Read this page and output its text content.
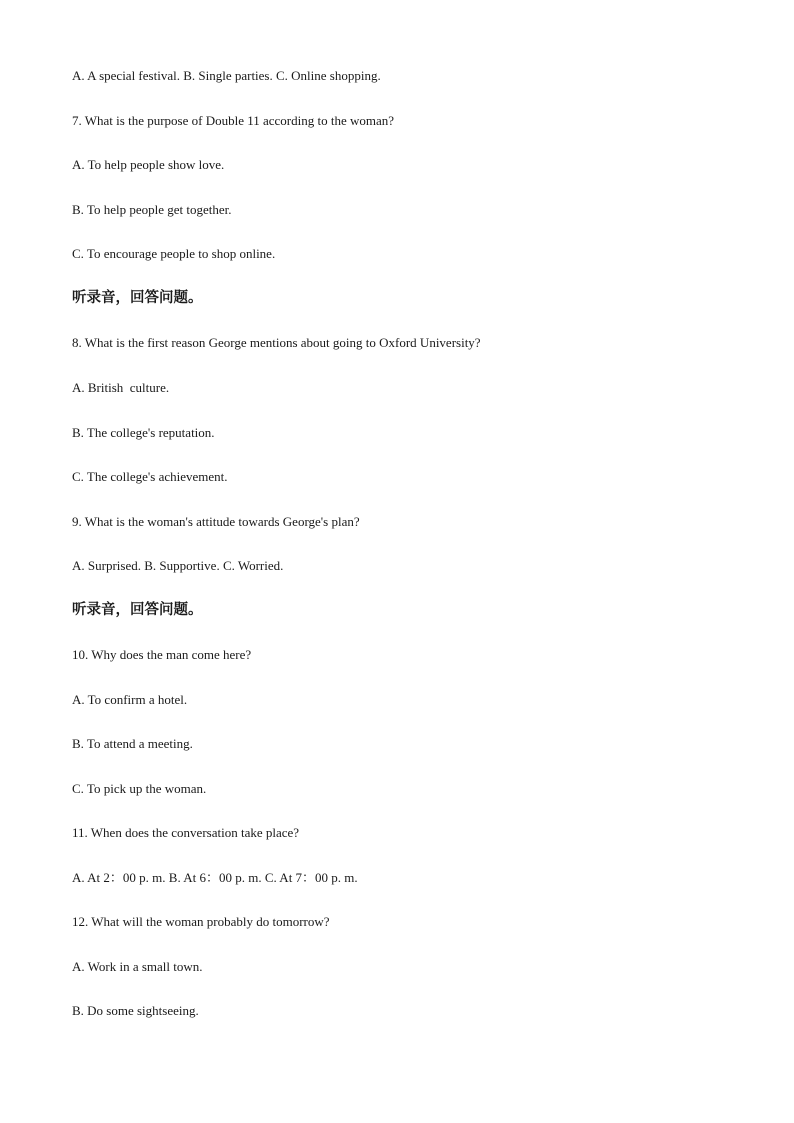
A. A special festival. B. Single parties. C. Online shopping.
7. What is the purpose of Double 11 according to the woman?
A. To help people show love.
B. To help people get together.
C. To encourage people to shop online.
听录音，回答问题。
8. What is the first reason George mentions about going to Oxford University?
A. British  culture.
B. The college's reputation.
C. The college's achievement.
9. What is the woman's attitude towards George's plan?
A. Surprised. B. Supportive. C. Worried.
听录音，回答问题。
10. Why does the man come here?
A. To confirm a hotel.
B. To attend a meeting.
C. To pick up the woman.
11. When does the conversation take place?
A. At 2：00 p. m. B. At 6：00 p. m. C. At 7：00 p. m.
12. What will the woman probably do tomorrow?
A. Work in a small town.
B. Do some sightseeing.
